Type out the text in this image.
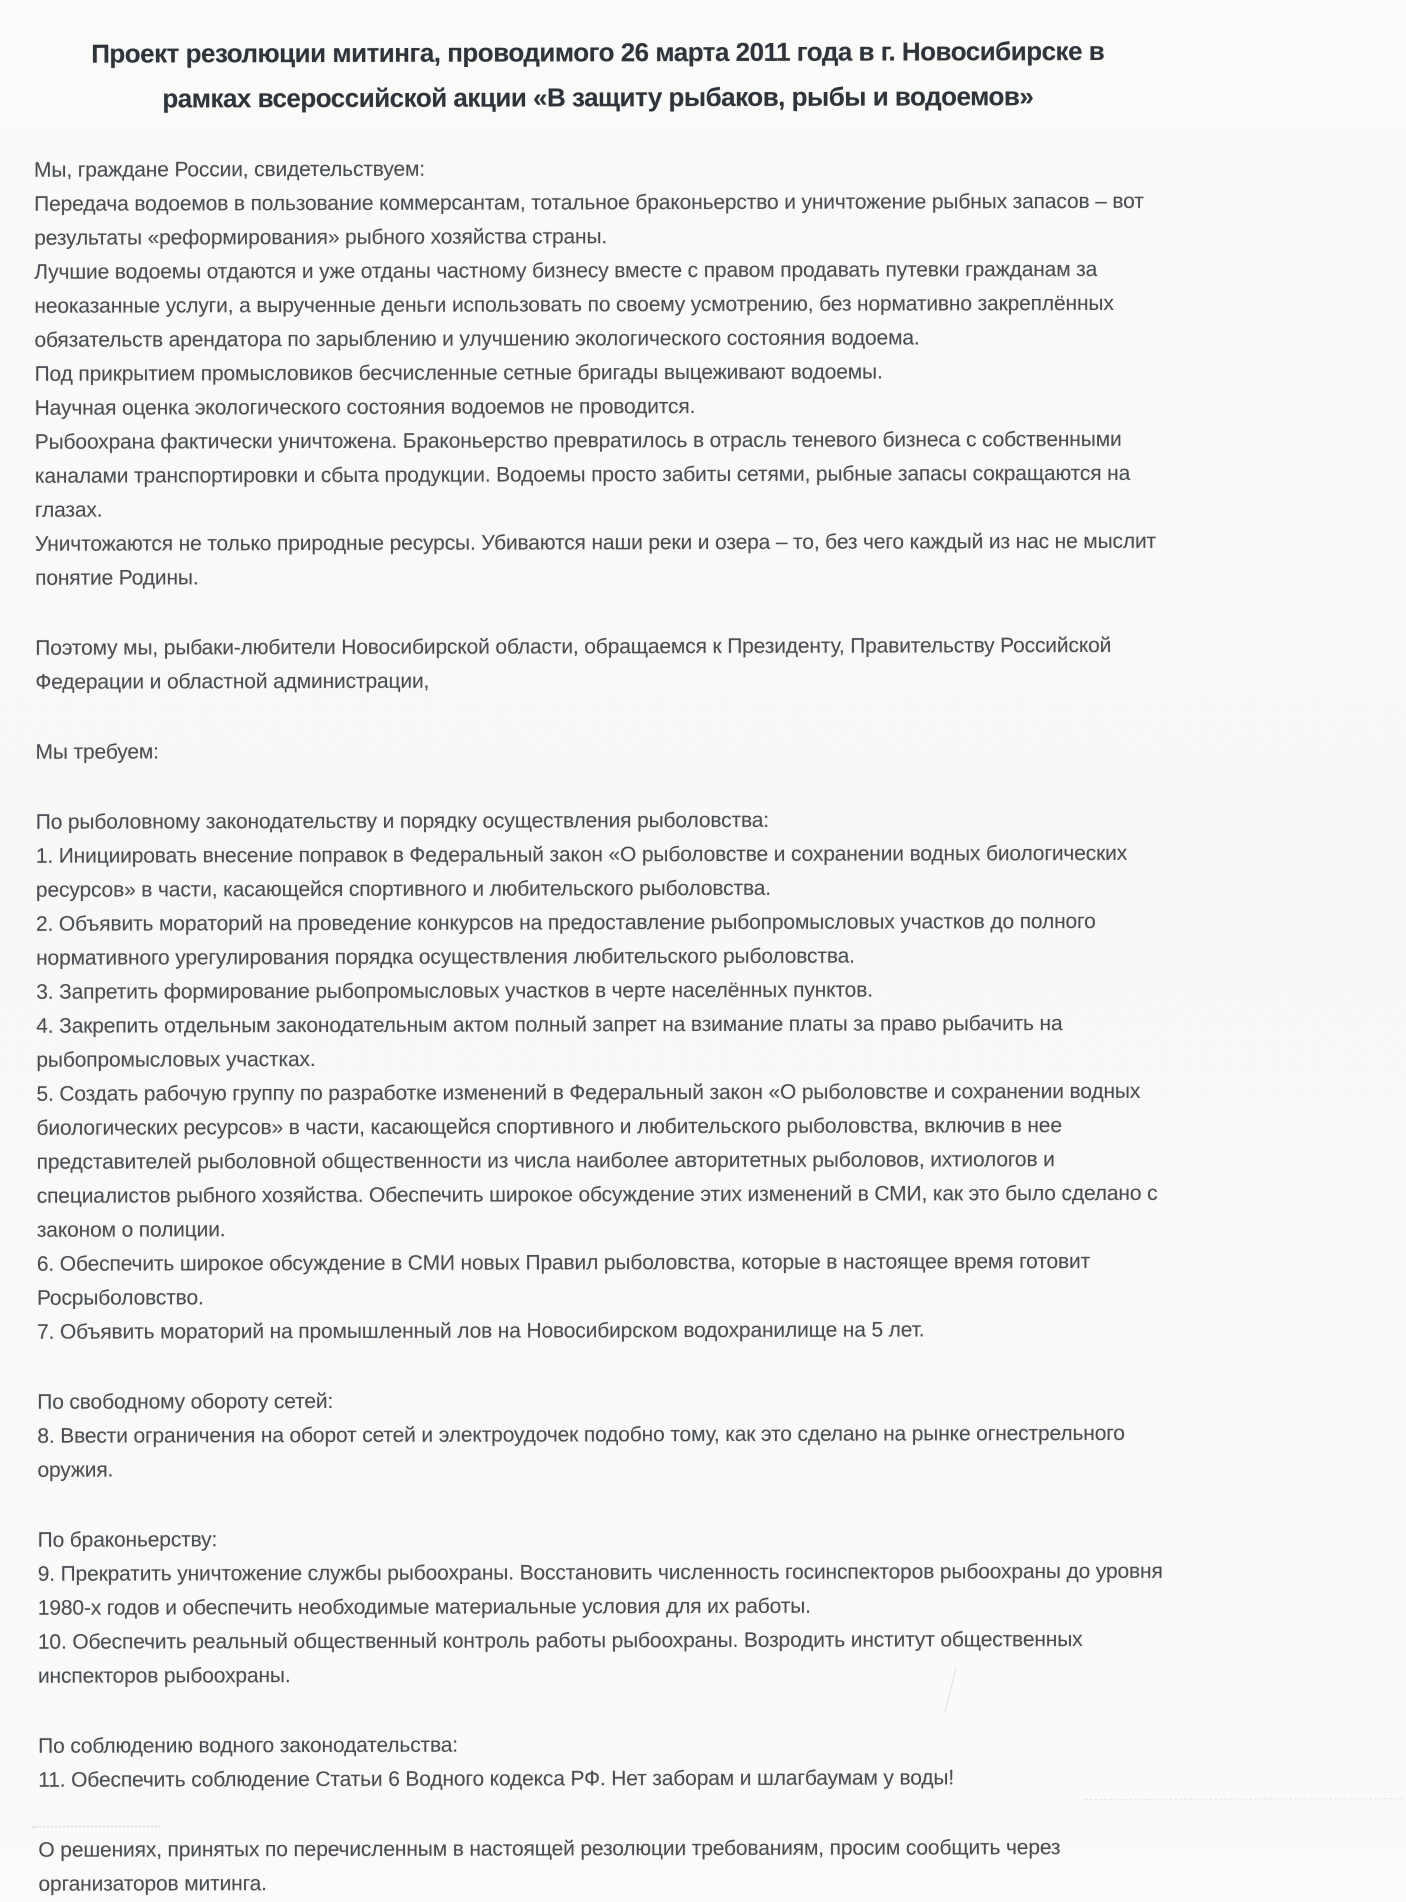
Проект резолюции митинга, проводимого 26 марта 2011 года в г. Новосибирске в
рамках всероссийской акции «В защиту рыбаков, рыбы и водоемов»

Мы, граждане России, свидетельствуем:

Передача водоемов в пользование коммерсантам, тотальное браконьерство и уничтожение рыбных запасов – вот результаты «реформирования» рыбного хозяйства страны.

Лучшие водоемы отдаются и уже отданы частному бизнесу вместе с правом продавать путевки гражданам за неоказанные услуги, а вырученные деньги использовать по своему усмотрению, без нормативно закреплённых обязательств арендатора по зарыблению и улучшению экологического состояния водоема.

Под прикрытием промысловиков бесчисленные сетные бригады выцеживают водоемы.

Научная оценка экологического состояния водоемов не проводится.

Рыбоохрана фактически уничтожена. Браконьерство превратилось в отрасль теневого бизнеса с собственными каналами транспортировки и сбыта продукции. Водоемы просто забиты сетями, рыбные запасы сокращаются на глазах.

Уничтожаются не только природные ресурсы. Убиваются наши реки и озера – то, без чего каждый из нас не мыслит понятие Родины.

Поэтому мы, рыбаки-любители Новосибирской области, обращаемся к Президенту, Правительству Российской Федерации и областной администрации,

Мы требуем:

По рыболовному законодательству и порядку осуществления рыболовства:

1. Инициировать внесение поправок в Федеральный закон «О рыболовстве и сохранении водных биологических ресурсов» в части, касающейся спортивного и любительского рыболовства.

2. Объявить мораторий на проведение конкурсов на предоставление рыбопромысловых участков до полного нормативного урегулирования порядка осуществления любительского рыболовства.

3. Запретить формирование рыбопромысловых участков в черте населённых пунктов.

4. Закрепить отдельным законодательным актом полный запрет на взимание платы за право рыбачить на рыбопромысловых участках.

5. Создать рабочую группу по разработке изменений в Федеральный закон «О рыболовстве и сохранении водных биологических ресурсов» в части, касающейся спортивного и любительского рыболовства, включив в нее представителей рыболовной общественности из числа наиболее авторитетных рыболовов, ихтиологов и специалистов рыбного хозяйства. Обеспечить широкое обсуждение этих изменений в СМИ, как это было сделано с законом о полиции.

6. Обеспечить широкое обсуждение в СМИ новых Правил рыболовства, которые в настоящее время готовит Росрыболовство.

7. Объявить мораторий на промышленный лов на Новосибирском водохранилище на 5 лет.

По свободному обороту сетей:

8. Ввести ограничения на оборот сетей и электроудочек подобно тому, как это сделано на рынке огнестрельного оружия.

По браконьерству:

9. Прекратить уничтожение службы рыбоохраны. Восстановить численность госинспекторов рыбоохраны до уровня 1980-х годов и обеспечить необходимые материальные условия для их работы.

10. Обеспечить реальный общественный контроль работы рыбоохраны. Возродить институт общественных инспекторов рыбоохраны.

По соблюдению водного законодательства:

11. Обеспечить соблюдение Статьи 6 Водного кодекса РФ. Нет заборам и шлагбаумам у воды!

О решениях, принятых по перечисленным в настоящей резолюции требованиям, просим сообщить через организаторов митинга.
